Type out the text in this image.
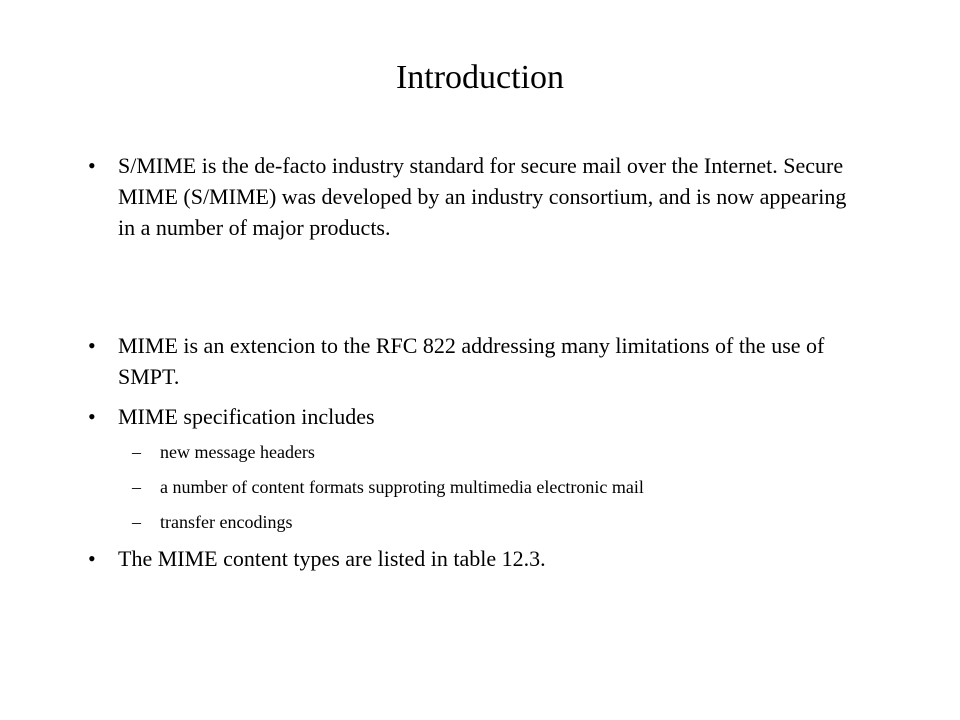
Introduction
• S/MIME is the de-facto industry standard for secure mail over the Internet. Secure MIME (S/MIME) was developed by an industry consortium, and is now appearing in a number of major products.
• MIME is an extencion to the RFC 822 addressing many limitations of the use of SMPT.
• MIME specification includes
– new message headers
– a number of content formats supproting multimedia electronic mail
– transfer encodings
• The MIME content types are listed in table 12.3.
